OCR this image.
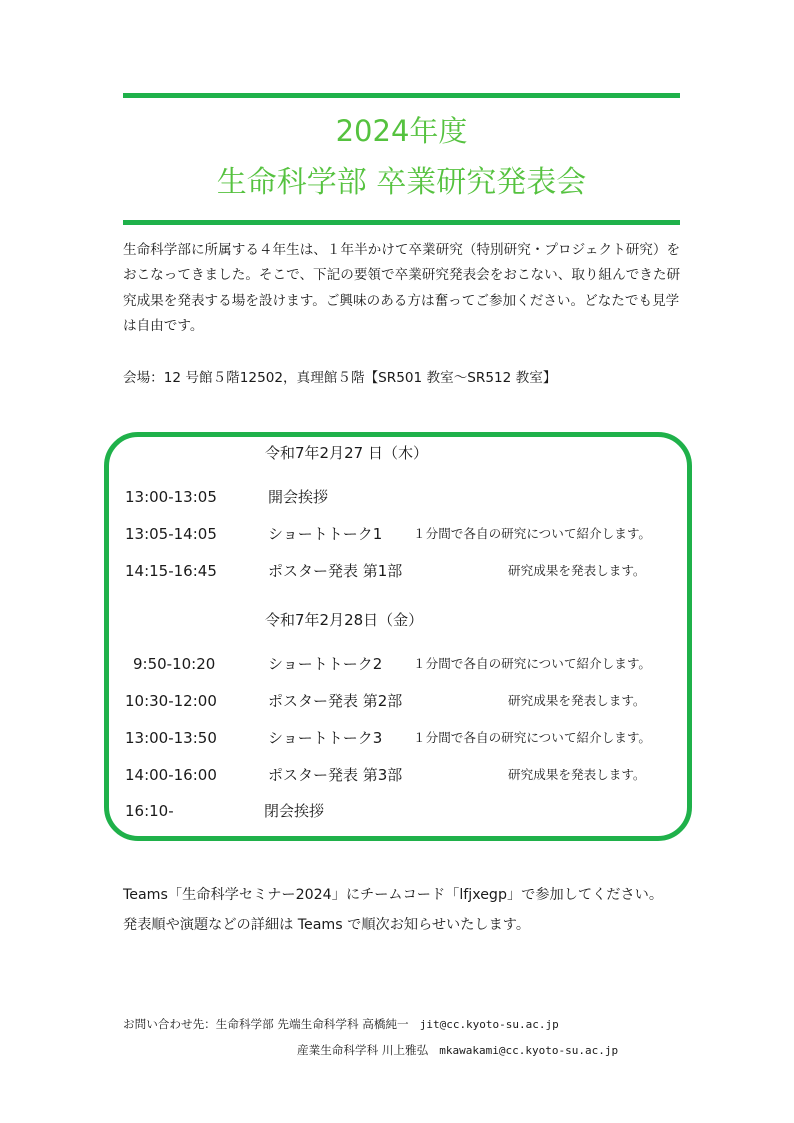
2024年度
生命科学部 卒業研究発表会

生命科学部に所属する４年生は、１年半かけて卒業研究（特別研究・プロジェクト研究）をおこなってきました。そこで、下記の要領で卒業研究発表会をおこない、取り組んできた研究成果を発表する場を設けます。ご興味のある方は奮ってご参加ください。どなたでも見学は自由です。

会場：12 号館５階12502，真理館５階【SR501 教室～SR512 教室】
令和7年2月27 日（木）
13:00-13:05	開会挨拶
13:05-14:05	ショートトーク1 １分間で各自の研究について紹介します。
14:15-16:45	ポスター発表 第1部	研究成果を発表します。
令和7年2月28日（金）
9:50-10:20	ショートトーク2 １分間で各自の研究について紹介します。
10:30-12:00	ポスター発表 第2部	研究成果を発表します。
13:00-13:50	ショートトーク3 １分間で各自の研究について紹介します。
14:00-16:00	ポスター発表 第3部	研究成果を発表します。
16:10-	閉会挨拶
Teams「生命科学セミナー2024」にチームコード「lfjxegp」で参加してください。
発表順や演題などの詳細は Teams で順次お知らせいたします。
お問い合わせ先：生命科学部 先端生命科学科 高橋純一 jit@cc.kyoto-su.ac.jp
産業生命科学科 川上雅弘 mkawakami@cc.kyoto-su.ac.jp
